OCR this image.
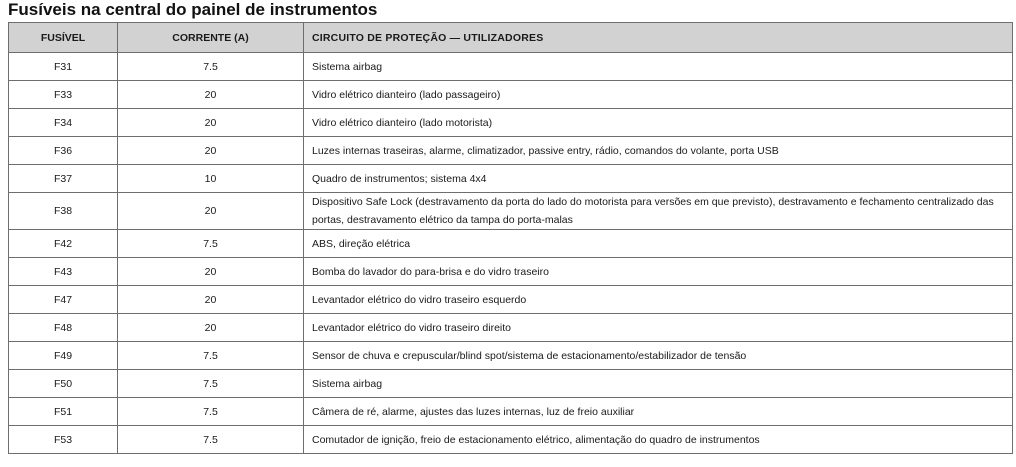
Fusíveis na central do painel de instrumentos
FUSÍVEL	CORRENTE (A)	CIRCUITO DE PROTEÇÃO — UTILIZADORES
F31	7.5	Sistema airbag
F33	20	Vidro elétrico dianteiro (lado passageiro)
F34	20	Vidro elétrico dianteiro (lado motorista)
F36	20	Luzes internas traseiras, alarme, climatizador, passive entry, rádio, comandos do volante, porta USB
F37	10	Quadro de instrumentos; sistema 4x4
F38	20	Dispositivo Safe Lock (destravamento da porta do lado do motorista para versões em que previsto), destravamento e fechamento centralizado das portas, destravamento elétrico da tampa do porta-malas
F42	7.5	ABS, direção elétrica
F43	20	Bomba do lavador do para-brisa e do vidro traseiro
F47	20	Levantador elétrico do vidro traseiro esquerdo
F48	20	Levantador elétrico do vidro traseiro direito
F49	7.5	Sensor de chuva e crepuscular/blind spot/sistema de estacionamento/estabilizador de tensão
F50	7.5	Sistema airbag
F51	7.5	Câmera de ré, alarme, ajustes das luzes internas, luz de freio auxiliar
F53	7.5	Comutador de ignição, freio de estacionamento elétrico, alimentação do quadro de instrumentos
